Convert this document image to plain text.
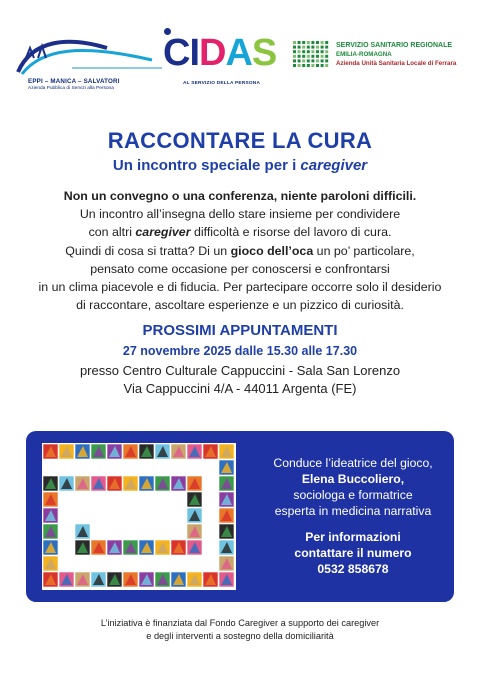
EPPI – MANICA – SALVATORI
Azienda Pubblica di Servizi alla Persona
CIDAS
AL SERVIZIO DELLA PERSONA
SERVIZIO SANITARIO REGIONALE
EMILIA-ROMAGNA
Azienda Unità Sanitaria Locale di Ferrara
RACCONTARE LA CURA
Un incontro speciale per i caregiver
Non un convegno o una conferenza, niente paroloni difficili.
Un incontro all’insegna dello stare insieme per condividere
con altri caregiver difficoltà e risorse del lavoro di cura.
Quindi di cosa si tratta? Di un gioco dell’oca un po’ particolare,
pensato come occasione per conoscersi e confrontarsi
in un clima piacevole e di fiducia. Per partecipare occorre solo il desiderio
di raccontare, ascoltare esperienze e un pizzico di curiosità.
PROSSIMI APPUNTAMENTI
27 novembre 2025 dalle 15.30 alle 17.30
presso Centro Culturale Cappuccini - Sala San Lorenzo
Via Cappuccini 4/A - 44011 Argenta (FE)
Conduce l’ideatrice del gioco,
Elena Buccoliero,
sociologa e formatrice
esperta in medicina narrativa
Per informazioni
contattare il numero
0532 858678
L’iniziativa è finanziata dal Fondo Caregiver a supporto dei caregiver
e degli interventi a sostegno della domiciliarità
